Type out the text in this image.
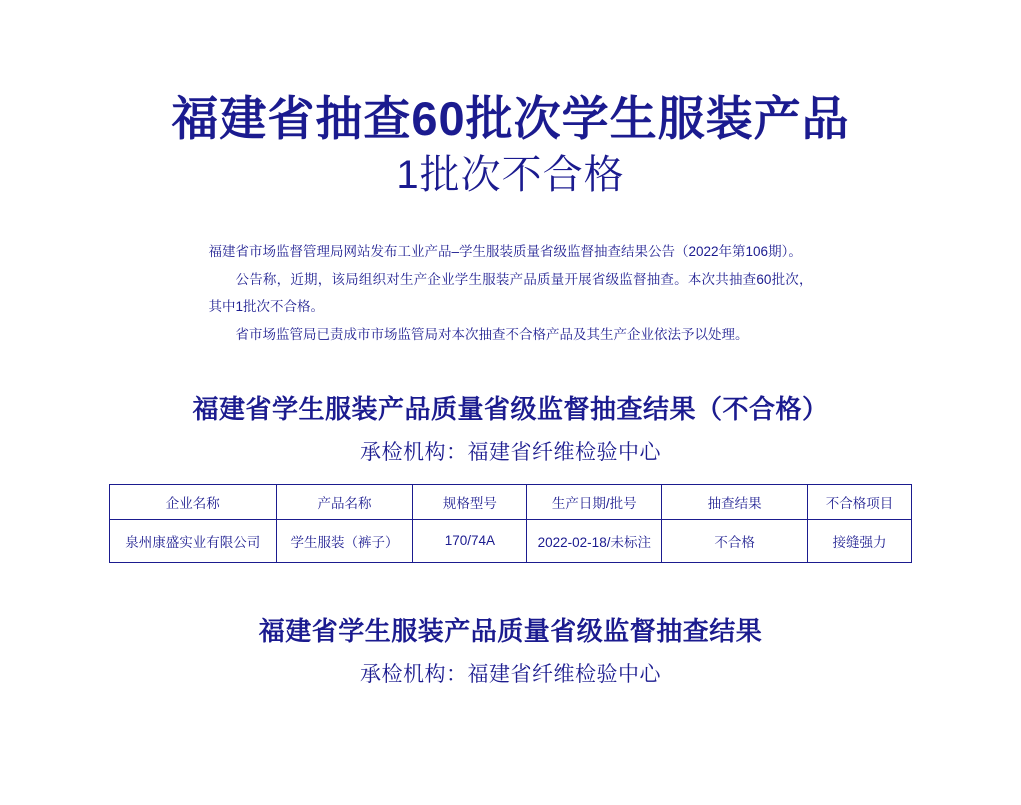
福建省抽查60批次学生服装产品
1批次不合格

福建省市场监督管理局网站发布工业产品–学生服装质量省级监督抽查结果公告（2022年第106期）。

公告称，近期，该局组织对生产企业学生服装产品质量开展省级监督抽查。本次共抽查60批次，其中1批次不合格。

省市场监管局已责成市市场监管局对本次抽查不合格产品及其生产企业依法予以处理。

福建省学生服装产品质量省级监督抽查结果（不合格）
承检机构：福建省纤维检验中心
企业名称	产品名称	规格型号	生产日期/批号	抽查结果	不合格项目
泉州康盛实业有限公司	学生服装（裤子）	170/74A	2022-02-18/未标注	不合格	接缝强力
福建省学生服装产品质量省级监督抽查结果
承检机构：福建省纤维检验中心
